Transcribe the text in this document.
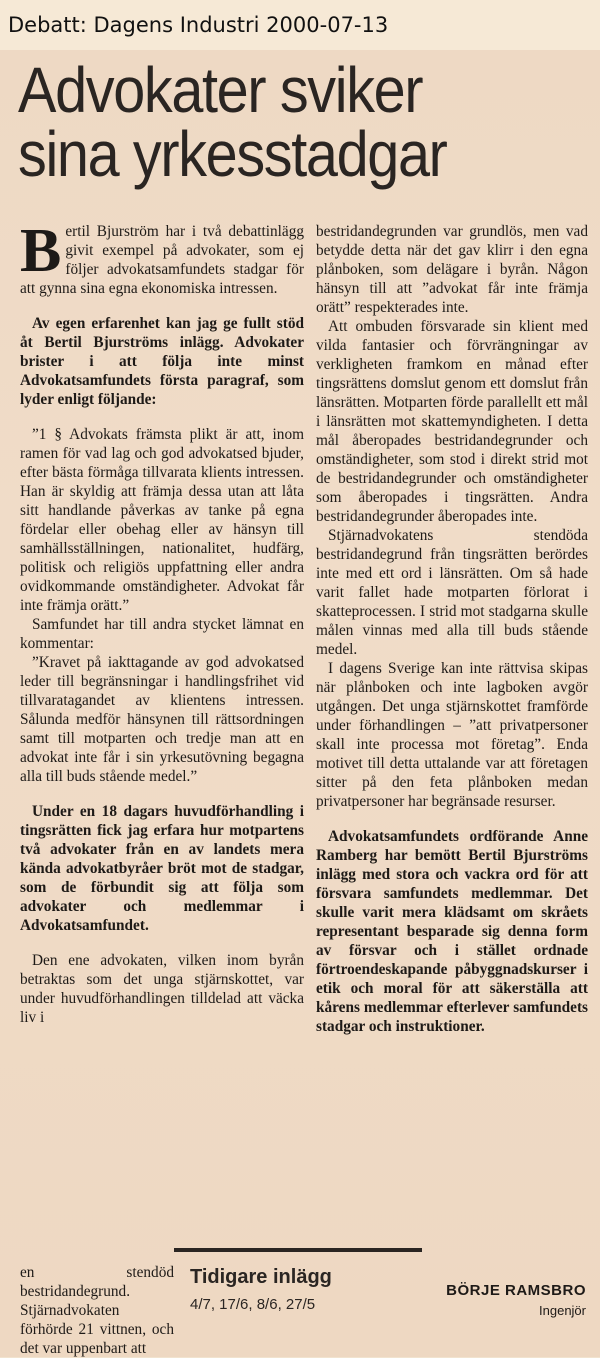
Debatt: Dagens Industri 2000-07-13
Advokater sviker
sina yrkesstadgar

Bertil Bjurström har i två debattinlägg givit exempel på advokater, som ej följer advokatsamfundets stadgar för att gynna sina egna ekonomiska intressen.

Av egen erfarenhet kan jag ge fullt stöd åt Bertil Bjurströms inlägg. Advokater brister i att följa inte minst Advokatsamfundets första paragraf, som lyder enligt följande:

”1 § Advokats främsta plikt är att, inom ramen för vad lag och god advokatsed bjuder, efter bästa förmåga tillvarata klients intressen. Han är skyldig att främja dessa utan att låta sitt handlande påverkas av tanke på egna fördelar eller obehag eller av hänsyn till samhällsställningen, nationalitet, hudfärg, politisk och religiös uppfattning eller andra ovidkommande omständigheter. Advokat får inte främja orätt.”

Samfundet har till andra stycket lämnat en kommentar:

”Kravet på iakttagande av god advokatsed leder till begränsningar i handlingsfrihet vid tillvaratagandet av klientens intressen. Sålunda medför hänsynen till rättsordningen samt till motparten och tredje man att en advokat inte får i sin yrkesutövning begagna alla till buds stående medel.”

Under en 18 dagars huvudförhandling i tingsrätten fick jag erfara hur motpartens två advokater från en av landets mera kända advokatbyråer bröt mot de stadgar, som de förbundit sig att följa som advokater och medlemmar i Advokatsamfundet.

Den ene advokaten, vilken inom byrån betraktas som det unga stjärnskottet, var under huvudförhandlingen tilldelad att väcka liv i

en stendöd bestridandegrund. Stjärnadvokaten förhörde 21 vittnen, och det var uppenbart att

bestridandegrunden var grundlös, men vad betydde detta när det gav klirr i den egna plånboken, som delägare i byrån. Någon hänsyn till att ”advokat får inte främja orätt” respekterades inte.

Att ombuden försvarade sin klient med vilda fantasier och förvrängningar av verkligheten framkom en månad efter tingsrättens domslut genom ett domslut från länsrätten. Motparten förde parallellt ett mål i länsrätten mot skattemyndigheten. I detta mål åberopades bestridandegrunder och omständigheter, som stod i direkt strid mot de bestridandegrunder och omständigheter som åberopades i tingsrätten. Andra bestridandegrunder åberopades inte.

Stjärnadvokatens stendöda bestridandegrund från tingsrätten berördes inte med ett ord i länsrätten. Om så hade varit fallet hade motparten förlorat i skatteprocessen. I strid mot stadgarna skulle målen vinnas med alla till buds stående medel.

I dagens Sverige kan inte rättvisa skipas när plånboken och inte lagboken avgör utgången. Det unga stjärnskottet framförde under förhandlingen – ”att privatpersoner skall inte processa mot företag”. Enda motivet till detta uttalande var att företagen sitter på den feta plånboken medan privatpersoner har begränsade resurser.

Advokatsamfundets ordförande Anne Ramberg har bemött Bertil Bjurströms inlägg med stora och vackra ord för att försvara samfundets medlemmar. Det skulle varit mera klädsamt om skråets representant besparade sig denna form av försvar och i stället ordnade förtroendeskapande påbyggnadskurser i etik och moral för att säkerställa att kårens medlemmar efterlever samfundets stadgar och instruktioner.

Tidigare inlägg
4/7, 17/6, 8/6, 27/5
BÖRJE RAMSBRO
Ingenjör
